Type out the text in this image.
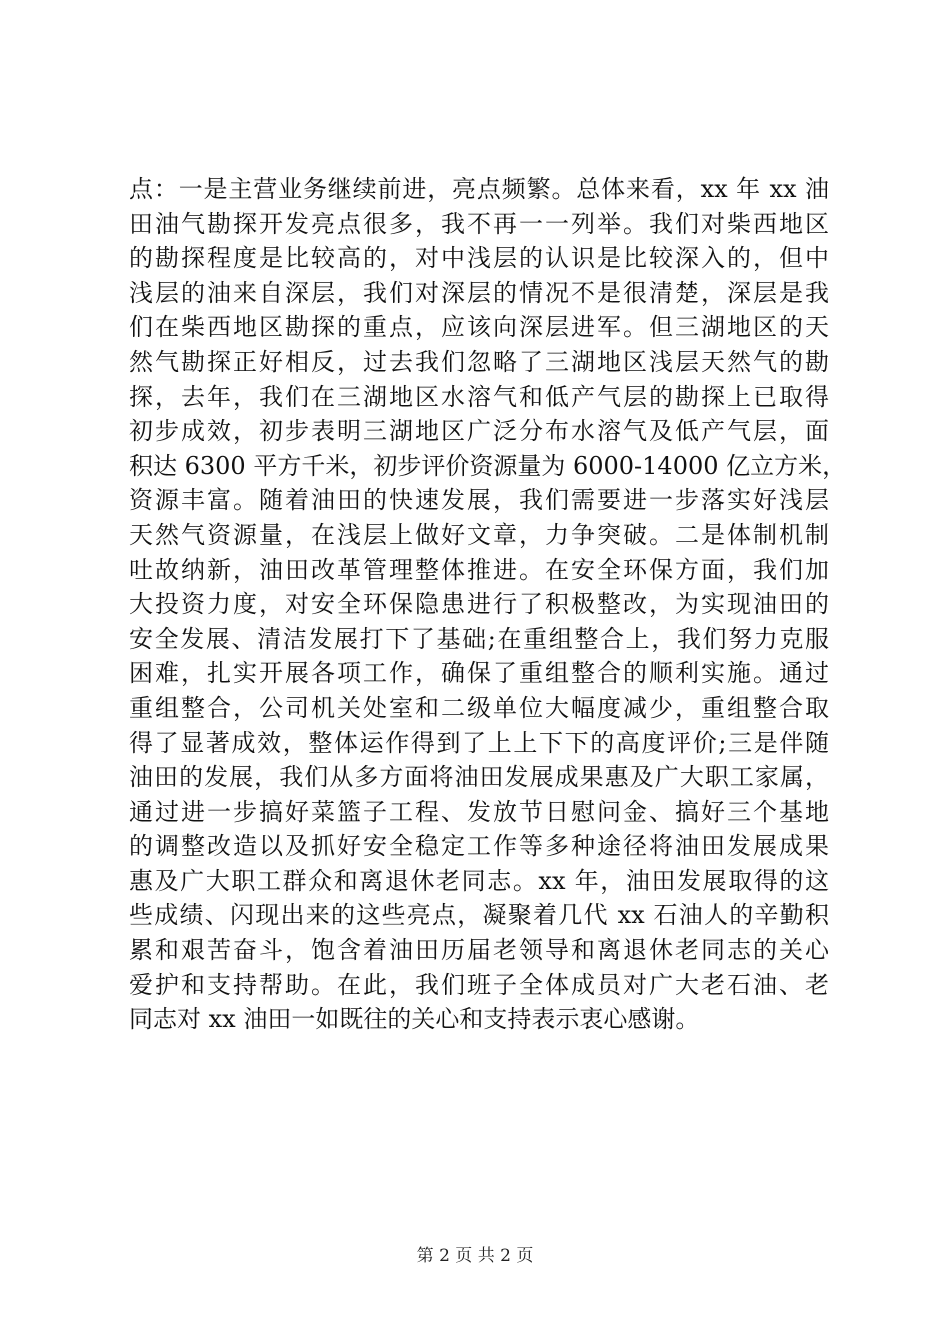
点：一是主营业务继续前进，亮点频繁。总体来看，xx 年 xx 油
田油气勘探开发亮点很多，我不再一一列举。我们对柴西地区
的勘探程度是比较高的，对中浅层的认识是比较深入的，但中
浅层的油来自深层，我们对深层的情况不是很清楚，深层是我
们在柴西地区勘探的重点，应该向深层进军。但三湖地区的天
然气勘探正好相反，过去我们忽略了三湖地区浅层天然气的勘
探，去年，我们在三湖地区水溶气和低产气层的勘探上已取得
初步成效，初步表明三湖地区广泛分布水溶气及低产气层，面
积达 6300 平方千米，初步评价资源量为 6000-14000 亿立方米，
资源丰富。随着油田的快速发展，我们需要进一步落实好浅层
天然气资源量，在浅层上做好文章，力争突破。二是体制机制
吐故纳新，油田改革管理整体推进。在安全环保方面，我们加
大投资力度，对安全环保隐患进行了积极整改，为实现油田的
安全发展、清洁发展打下了基础;在重组整合上，我们努力克服
困难，扎实开展各项工作，确保了重组整合的顺利实施。通过
重组整合，公司机关处室和二级单位大幅度减少，重组整合取
得了显著成效，整体运作得到了上上下下的高度评价;三是伴随
油田的发展，我们从多方面将油田发展成果惠及广大职工家属，
通过进一步搞好菜篮子工程、发放节日慰问金、搞好三个基地
的调整改造以及抓好安全稳定工作等多种途径将油田发展成果
惠及广大职工群众和离退休老同志。xx 年，油田发展取得的这
些成绩、闪现出来的这些亮点，凝聚着几代 xx 石油人的辛勤积
累和艰苦奋斗，饱含着油田历届老领导和离退休老同志的关心
爱护和支持帮助。在此，我们班子全体成员对广大老石油、老
同志对 xx 油田一如既往的关心和支持表示衷心感谢。
第 2 页 共 2 页
